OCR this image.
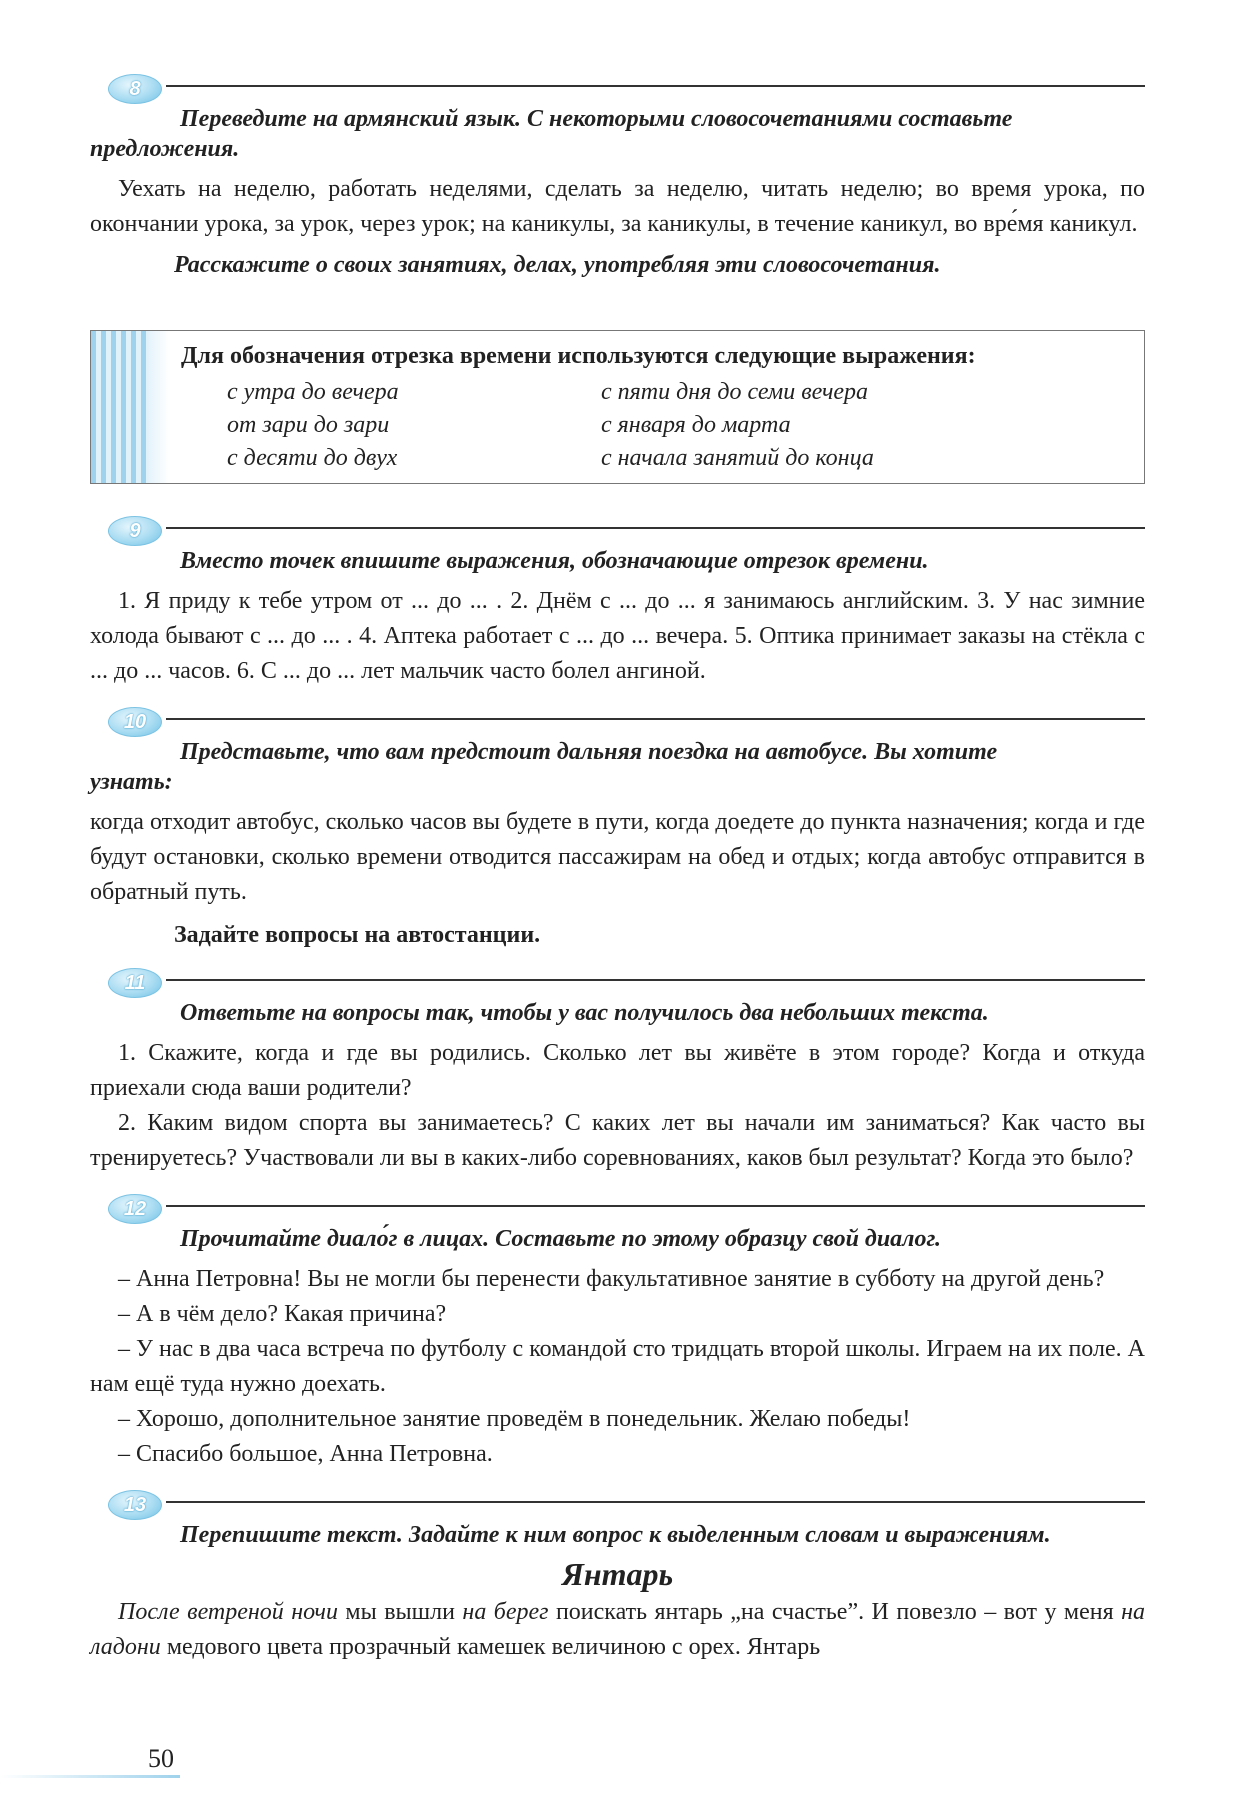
8

Переведите на армянский язык. С некоторыми словосочетаниями составьте
предложения.

Уехать на неделю, работать неделями, сделать за неделю, читать неделю; во время урока, по окончании урока, за урок, через урок; на каникулы, за каникулы, в течение каникул, во вре́мя каникул.

Расскажите о своих занятиях, делах, употребляя эти словосочетания.

Для обозначения отрезка времени используются следующие выражения:
с утра до вечера
от зари до зари
с десяти до двух
с пяти дня до семи вечера
с января до марта
с начала занятий до конца
9

Вместо точек впишите выражения, обозначающие отрезок времени.

1. Я приду к тебе утром от ... до ... . 2. Днём с ... до ... я занимаюсь английским. 3. У нас зимние холода бывают с ... до ... . 4. Аптека работает с ... до ... вечера. 5. Оптика принимает заказы на стёкла с ... до ... часов. 6. С ... до ... лет мальчик часто болел ангиной.

10

Представьте, что вам предстоит дальняя поездка на автобусе. Вы хотите
узнать:

когда отходит автобус, сколько часов вы будете в пути, когда доедете до пункта назначения; когда и где будут остановки, сколько времени отводится пассажирам на обед и отдых; когда автобус отправится в обратный путь.

Задайте вопросы на автостанции.

11

Ответьте на вопросы так, чтобы у вас получилось два небольших текста.

1. Скажите, когда и где вы родились. Сколько лет вы живёте в этом городе? Когда и откуда приехали сюда ваши родители?

2. Каким видом спорта вы занимаетесь? С каких лет вы начали им заниматься? Как часто вы тренируетесь? Участвовали ли вы в каких-либо соревнованиях, каков был результат? Когда это было?

12

Прочитайте диало́г в лицах. Составьте по этому образцу свой диалог.

– Анна Петровна! Вы не могли бы перенести факультативное занятие в субботу на другой день?

– А в чём дело? Какая причина?

– У нас в два часа встреча по футболу с командой сто тридцать второй школы. Играем на их поле. А нам ещё туда нужно доехать.

– Хорошо, дополнительное занятие проведём в понедельник. Желаю победы!

– Спасибо большое, Анна Петровна.

13

Перепишите текст. Задайте к ним вопрос к выделенным словам и выражениям.

Янтарь

После ветреной ночи мы вышли на берег поискать янтарь „на счастье”. И повезло – вот у меня на ладони медового цвета прозрачный камешек величиною с орех. Янтарь

50
